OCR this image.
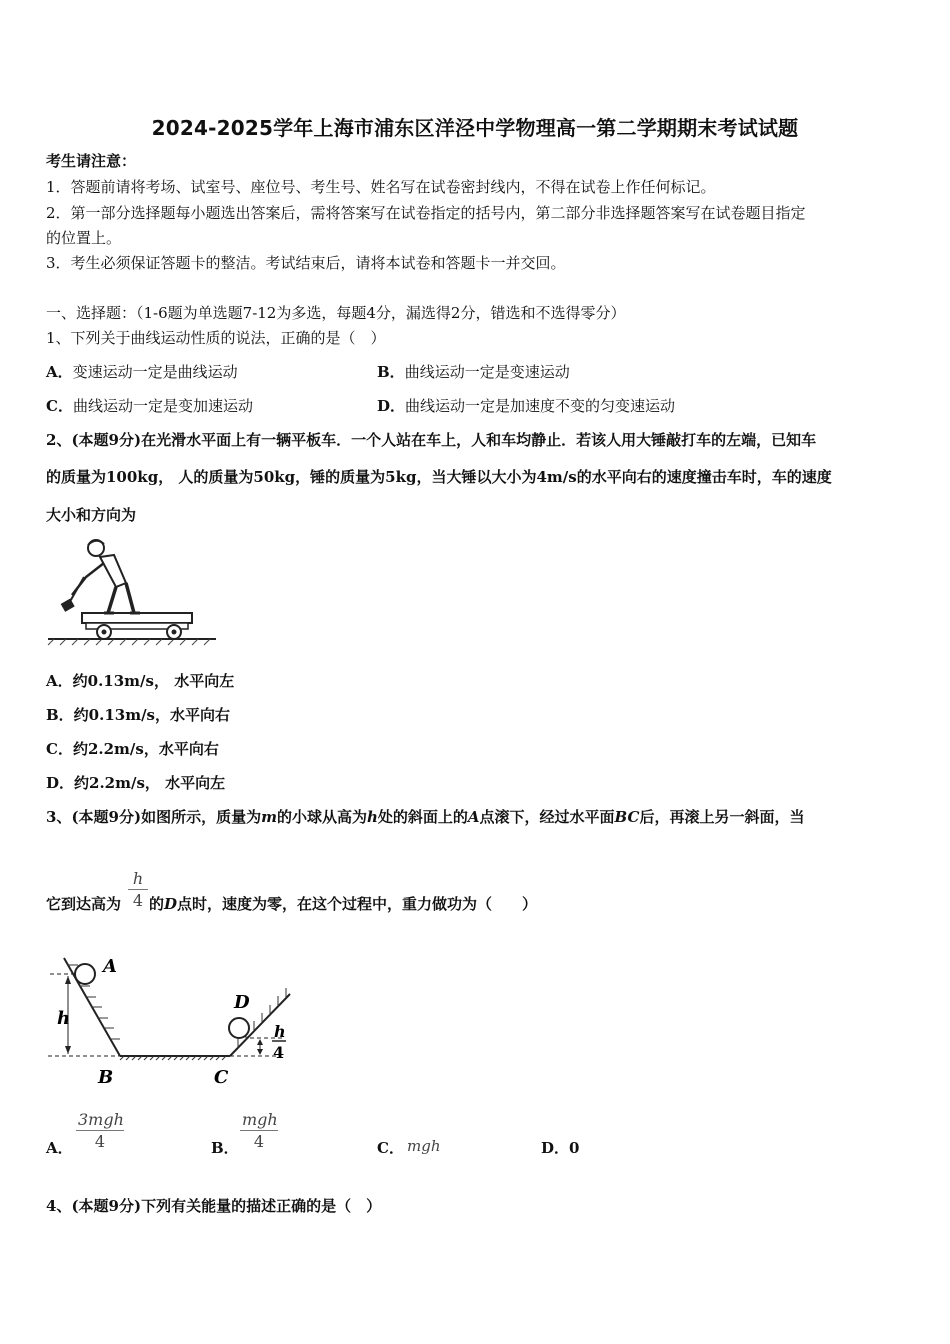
2024-2025学年上海市浦东区洋泾中学物理高一第二学期期末考试试题
考生请注意：
1．答题前请将考场、试室号、座位号、考生号、姓名写在试卷密封线内，不得在试卷上作任何标记。
2．第一部分选择题每小题选出答案后，需将答案写在试卷指定的括号内，第二部分非选择题答案写在试卷题目指定
的位置上。
3．考生必须保证答题卡的整洁。考试结束后，请将本试卷和答题卡一并交回。
一、选择题：（1-6题为单选题7-12为多选，每题4分，漏选得2分，错选和不选得零分）
1、下列关于曲线运动性质的说法，正确的是（　）
A．变速运动一定是曲线运动	B．曲线运动一定是变速运动
C．曲线运动一定是变加速运动	D．曲线运动一定是加速度不变的匀变速运动
2、(本题9分)在光滑水平面上有一辆平板车．一个人站在车上，人和车均静止．若该人用大锤敲打车的左端，已知车
的质量为100kg， 人的质量为50kg，锤的质量为5kg，当大锤以大小为4m/s的水平向右的速度撞击车时，车的速度
大小和方向为
A．约0.13m/s， 水平向左
B．约0.13m/s，水平向右
C．约2.2m/s，水平向右
D．约2.2m/s， 水平向左
3、(本题9分)如图所示，质量为m的小球从高为h处的斜面上的A点滚下，经过水平面BC后，再滚上另一斜面，当
$\frac{h}{4}$
它到达高为 的D点时，速度为零，在这个过程中，重力做功为（　　）
A
h
B	C
D
h
4
A．
3mgh
4	B．
mgh
4	C． mgh	D．0
4、(本题9分)下列有关能量的描述正确的是（　）
